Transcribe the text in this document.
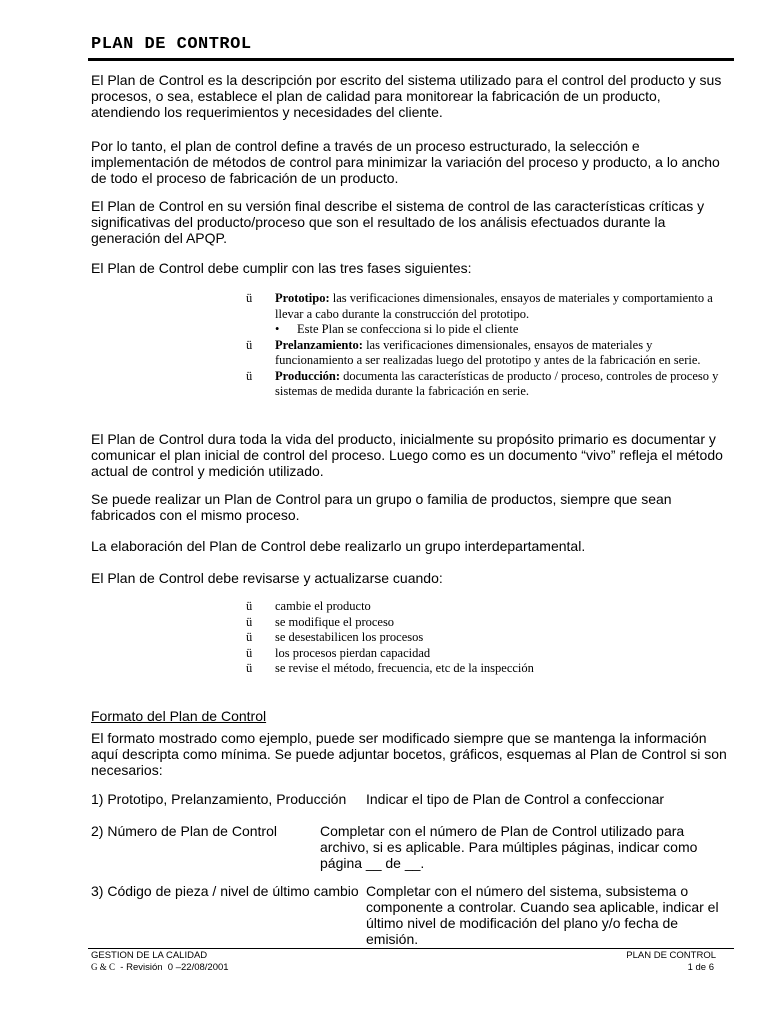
PLAN DE CONTROL

El Plan de Control es la descripción por escrito del sistema utilizado para el control del producto y sus procesos, o sea, establece el plan de calidad para monitorear la fabricación de un producto, atendiendo los requerimientos y necesidades del cliente.

Por lo tanto, el plan de control define a través de un proceso estructurado, la selección e implementación de métodos de control para minimizar la variación del proceso y producto, a lo ancho de todo el proceso de fabricación de un producto.

El Plan de Control en su versión final describe el sistema de control de las características críticas y significativas del producto/proceso que son el resultado de los análisis efectuados durante la generación del APQP.

El Plan de Control debe cumplir con las tres fases siguientes:

ü Prototipo: las verificaciones dimensionales, ensayos de materiales y comportamiento a llevar a cabo durante la construcción del prototipo.
• Este Plan se confecciona si lo pide el cliente
ü Prelanzamiento: las verificaciones dimensionales, ensayos de materiales y funcionamiento a ser realizadas luego del prototipo y antes de la fabricación en serie.
ü Producción: documenta las características de producto / proceso, controles de proceso y sistemas de medida durante la fabricación en serie.

El Plan de Control dura toda la vida del producto, inicialmente su propósito primario es documentar y comunicar el plan inicial de control del proceso. Luego como es un documento “vivo” refleja el método actual de control y medición utilizado.

Se puede realizar un Plan de Control para un grupo o familia de productos, siempre que sean fabricados con el mismo proceso.

La elaboración del Plan de Control debe realizarlo un grupo interdepartamental.

El Plan de Control debe revisarse y actualizarse cuando:

ü cambie el producto
ü se modifique el proceso
ü se desestabilicen los procesos
ü los procesos pierdan capacidad
ü se revise el método, frecuencia, etc de la inspección

Formato del Plan de Control

El formato mostrado como ejemplo, puede ser modificado siempre que se mantenga la información aquí descripta como mínima. Se puede adjuntar bocetos, gráficos, esquemas al Plan de Control si son necesarios:

1) Prototipo, Prelanzamiento, Producción Indicar el tipo de Plan de Control a confeccionar
2) Número de Plan de Control	Completar con el número de Plan de Control utilizado para archivo, si es aplicable. Para múltiples páginas, indicar como página __ de __.
3) Código de pieza / nivel de último cambio Completar con el número del sistema, subsistema o componente a controlar. Cuando sea aplicable, indicar el último nivel de modificación del plano y/o fecha de emisión.
GESTION DE LA CALIDAD
G & C  - Revisión  0 –22/08/2001
PLAN DE CONTROL
1 de 6
